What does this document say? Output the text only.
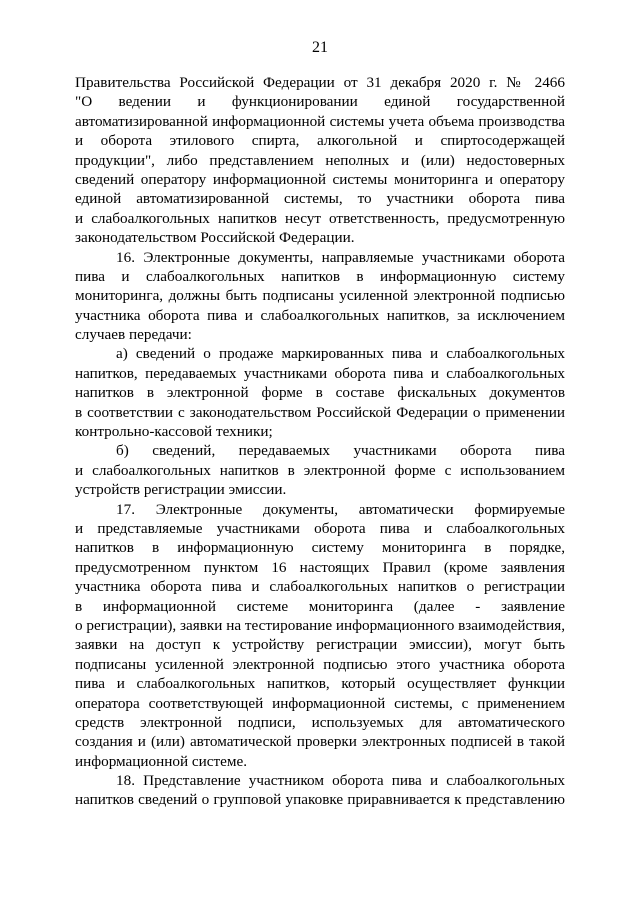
21
Правительства Российской Федерации от 31 декабря 2020 г. № 2466
"О ведении и функционировании единой государственной
автоматизированной информационной системы учета объема производства
и оборота этилового спирта, алкогольной и спиртосодержащей
продукции", либо представлением неполных и (или) недостоверных
сведений оператору информационной системы мониторинга и оператору
единой автоматизированной системы, то участники оборота пива
и слабоалкогольных напитков несут ответственность, предусмотренную
законодательством Российской Федерации.
16. Электронные документы, направляемые участниками оборота
пива и слабоалкогольных напитков в информационную систему
мониторинга, должны быть подписаны усиленной электронной подписью
участника оборота пива и слабоалкогольных напитков, за исключением
случаев передачи:
а) сведений о продаже маркированных пива и слабоалкогольных
напитков, передаваемых участниками оборота пива и слабоалкогольных
напитков в электронной форме в составе фискальных документов
в соответствии с законодательством Российской Федерации о применении
контрольно-кассовой техники;
б) сведений, передаваемых участниками оборота пива
и слабоалкогольных напитков в электронной форме с использованием
устройств регистрации эмиссии.
17. Электронные документы, автоматически формируемые
и представляемые участниками оборота пива и слабоалкогольных
напитков в информационную систему мониторинга в порядке,
предусмотренном пунктом 16 настоящих Правил (кроме заявления
участника оборота пива и слабоалкогольных напитков о регистрации
в информационной системе мониторинга (далее - заявление
о регистрации), заявки на тестирование информационного взаимодействия,
заявки на доступ к устройству регистрации эмиссии), могут быть
подписаны усиленной электронной подписью этого участника оборота
пива и слабоалкогольных напитков, который осуществляет функции
оператора соответствующей информационной системы, с применением
средств электронной подписи, используемых для автоматического
создания и (или) автоматической проверки электронных подписей в такой
информационной системе.
18. Представление участником оборота пива и слабоалкогольных
напитков сведений о групповой упаковке приравнивается к представлению
